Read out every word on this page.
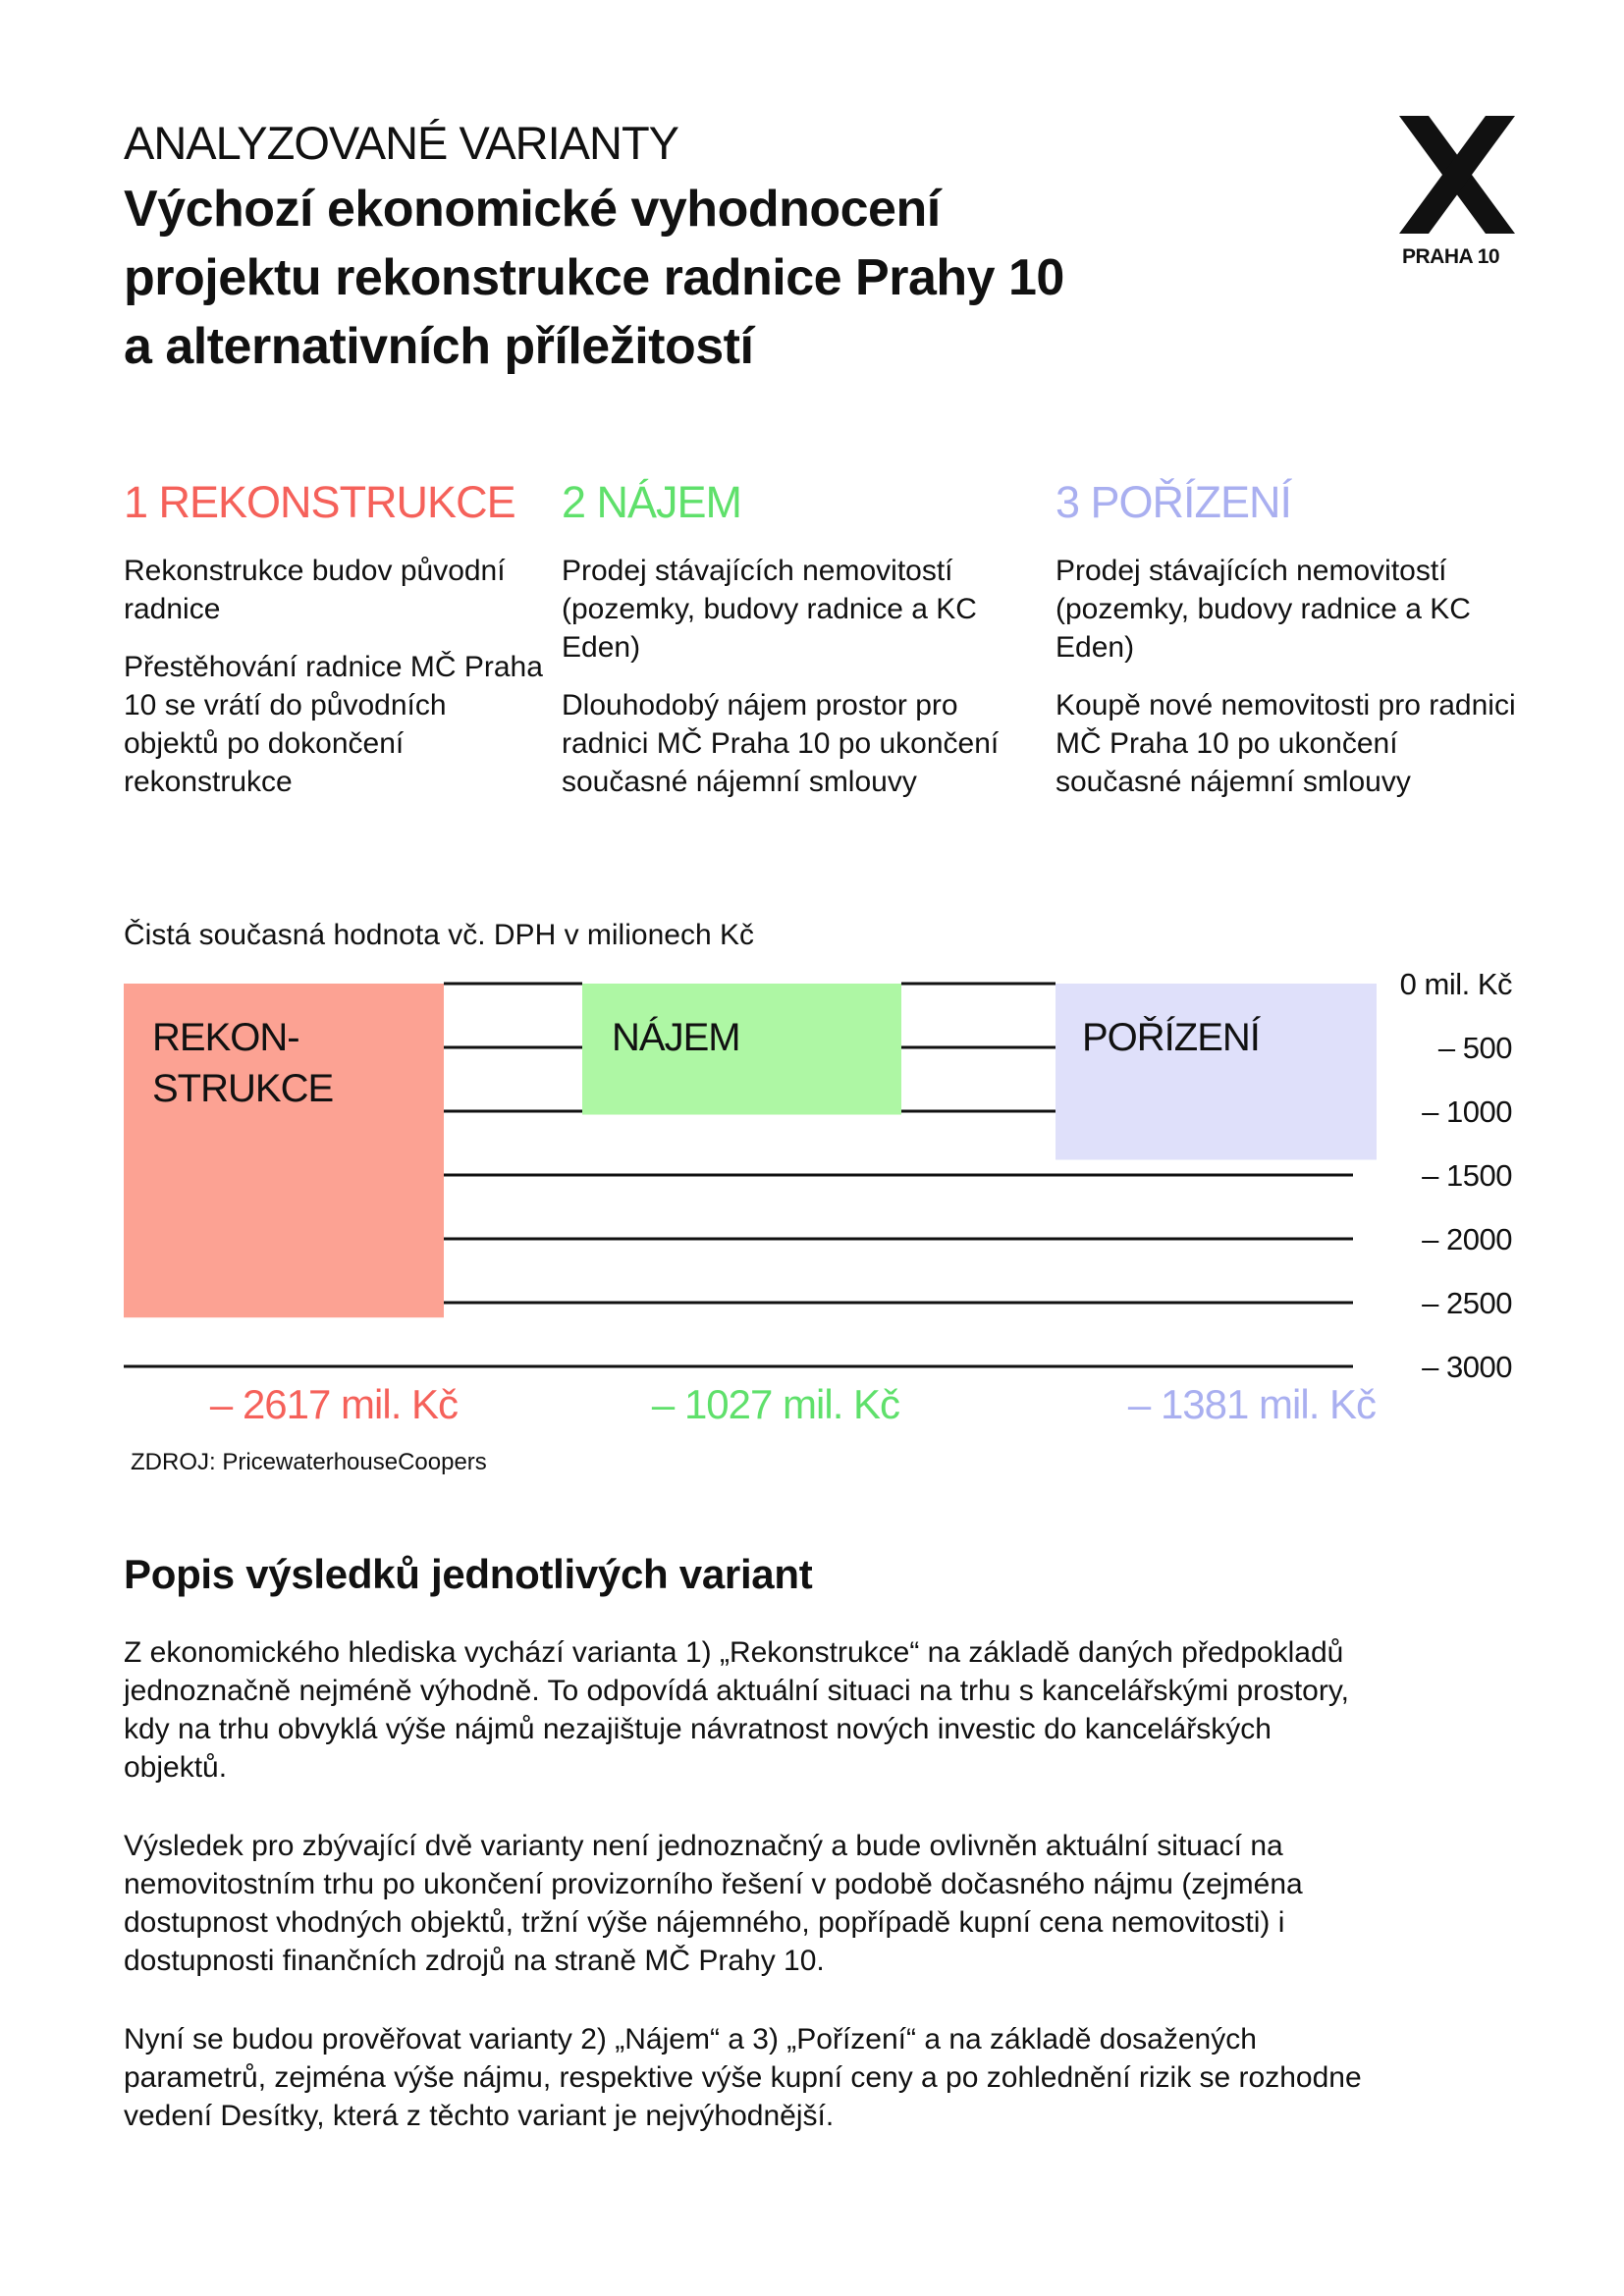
ANALYZOVANÉ VARIANTY
Výchozí ekonomické vyhodnocení projektu rekonstrukce radnice Prahy 10 a alternativních příležitostí
PRAHA 10
1 REKONSTRUKCE 2 NÁJEM	3 POŘÍZENÍ

Rekonstrukce budov původní radnice

Přestěhování radnice MČ Praha 10 se vrátí do původních objektů po dokončení rekonstrukce

Prodej stávajících nemovitostí (pozemky, budovy radnice a KC Eden)

Dlouhodobý nájem prostor pro radnici MČ Praha 10 po ukončení současné nájemní smlouvy

Prodej stávajících nemovitostí (pozemky, budovy radnice a KC Eden)

Koupě nové nemovitosti pro radnici MČ Praha 10 po ukončení současné nájemní smlouvy

Čistá současná hodnota vč. DPH v milionech Kč
REKON-STRUKCE
NÁJEM	POŘÍZENÍ
– 2617 mil. Kč	– 1027 mil. Kč	– 1381 mil. Kč
0 mil. Kč
– 500
– 1000
– 1500
– 2000
– 2500
– 3000
ZDROJ: PricewaterhouseCoopers
Popis výsledků jednotlivých variant

Z ekonomického hlediska vychází varianta 1) „Rekonstrukce“ na základě daných předpokladů jednoznačně nejméně výhodně. To odpovídá aktuální situaci na trhu s kancelářskými prostory, kdy na trhu obvyklá výše nájmů nezajištuje návratnost nových investic do kancelářských objektů.

Výsledek pro zbývající dvě varianty není jednoznačný a bude ovlivněn aktuální situací na nemovitostním trhu po ukončení provizorního řešení v podobě dočasného nájmu (zejména dostupnost vhodných objektů, tržní výše nájemného, popřípadě kupní cena nemovitosti) i dostupnosti finančních zdrojů na straně MČ Prahy 10.

Nyní se budou prověřovat varianty 2) „Nájem“ a 3) „Pořízení“ a na základě dosažených parametrů, zejména výše nájmu, respektive výše kupní ceny a po zohlednění rizik se rozhodne vedení Desítky, která z těchto variant je nejvýhodnější.
